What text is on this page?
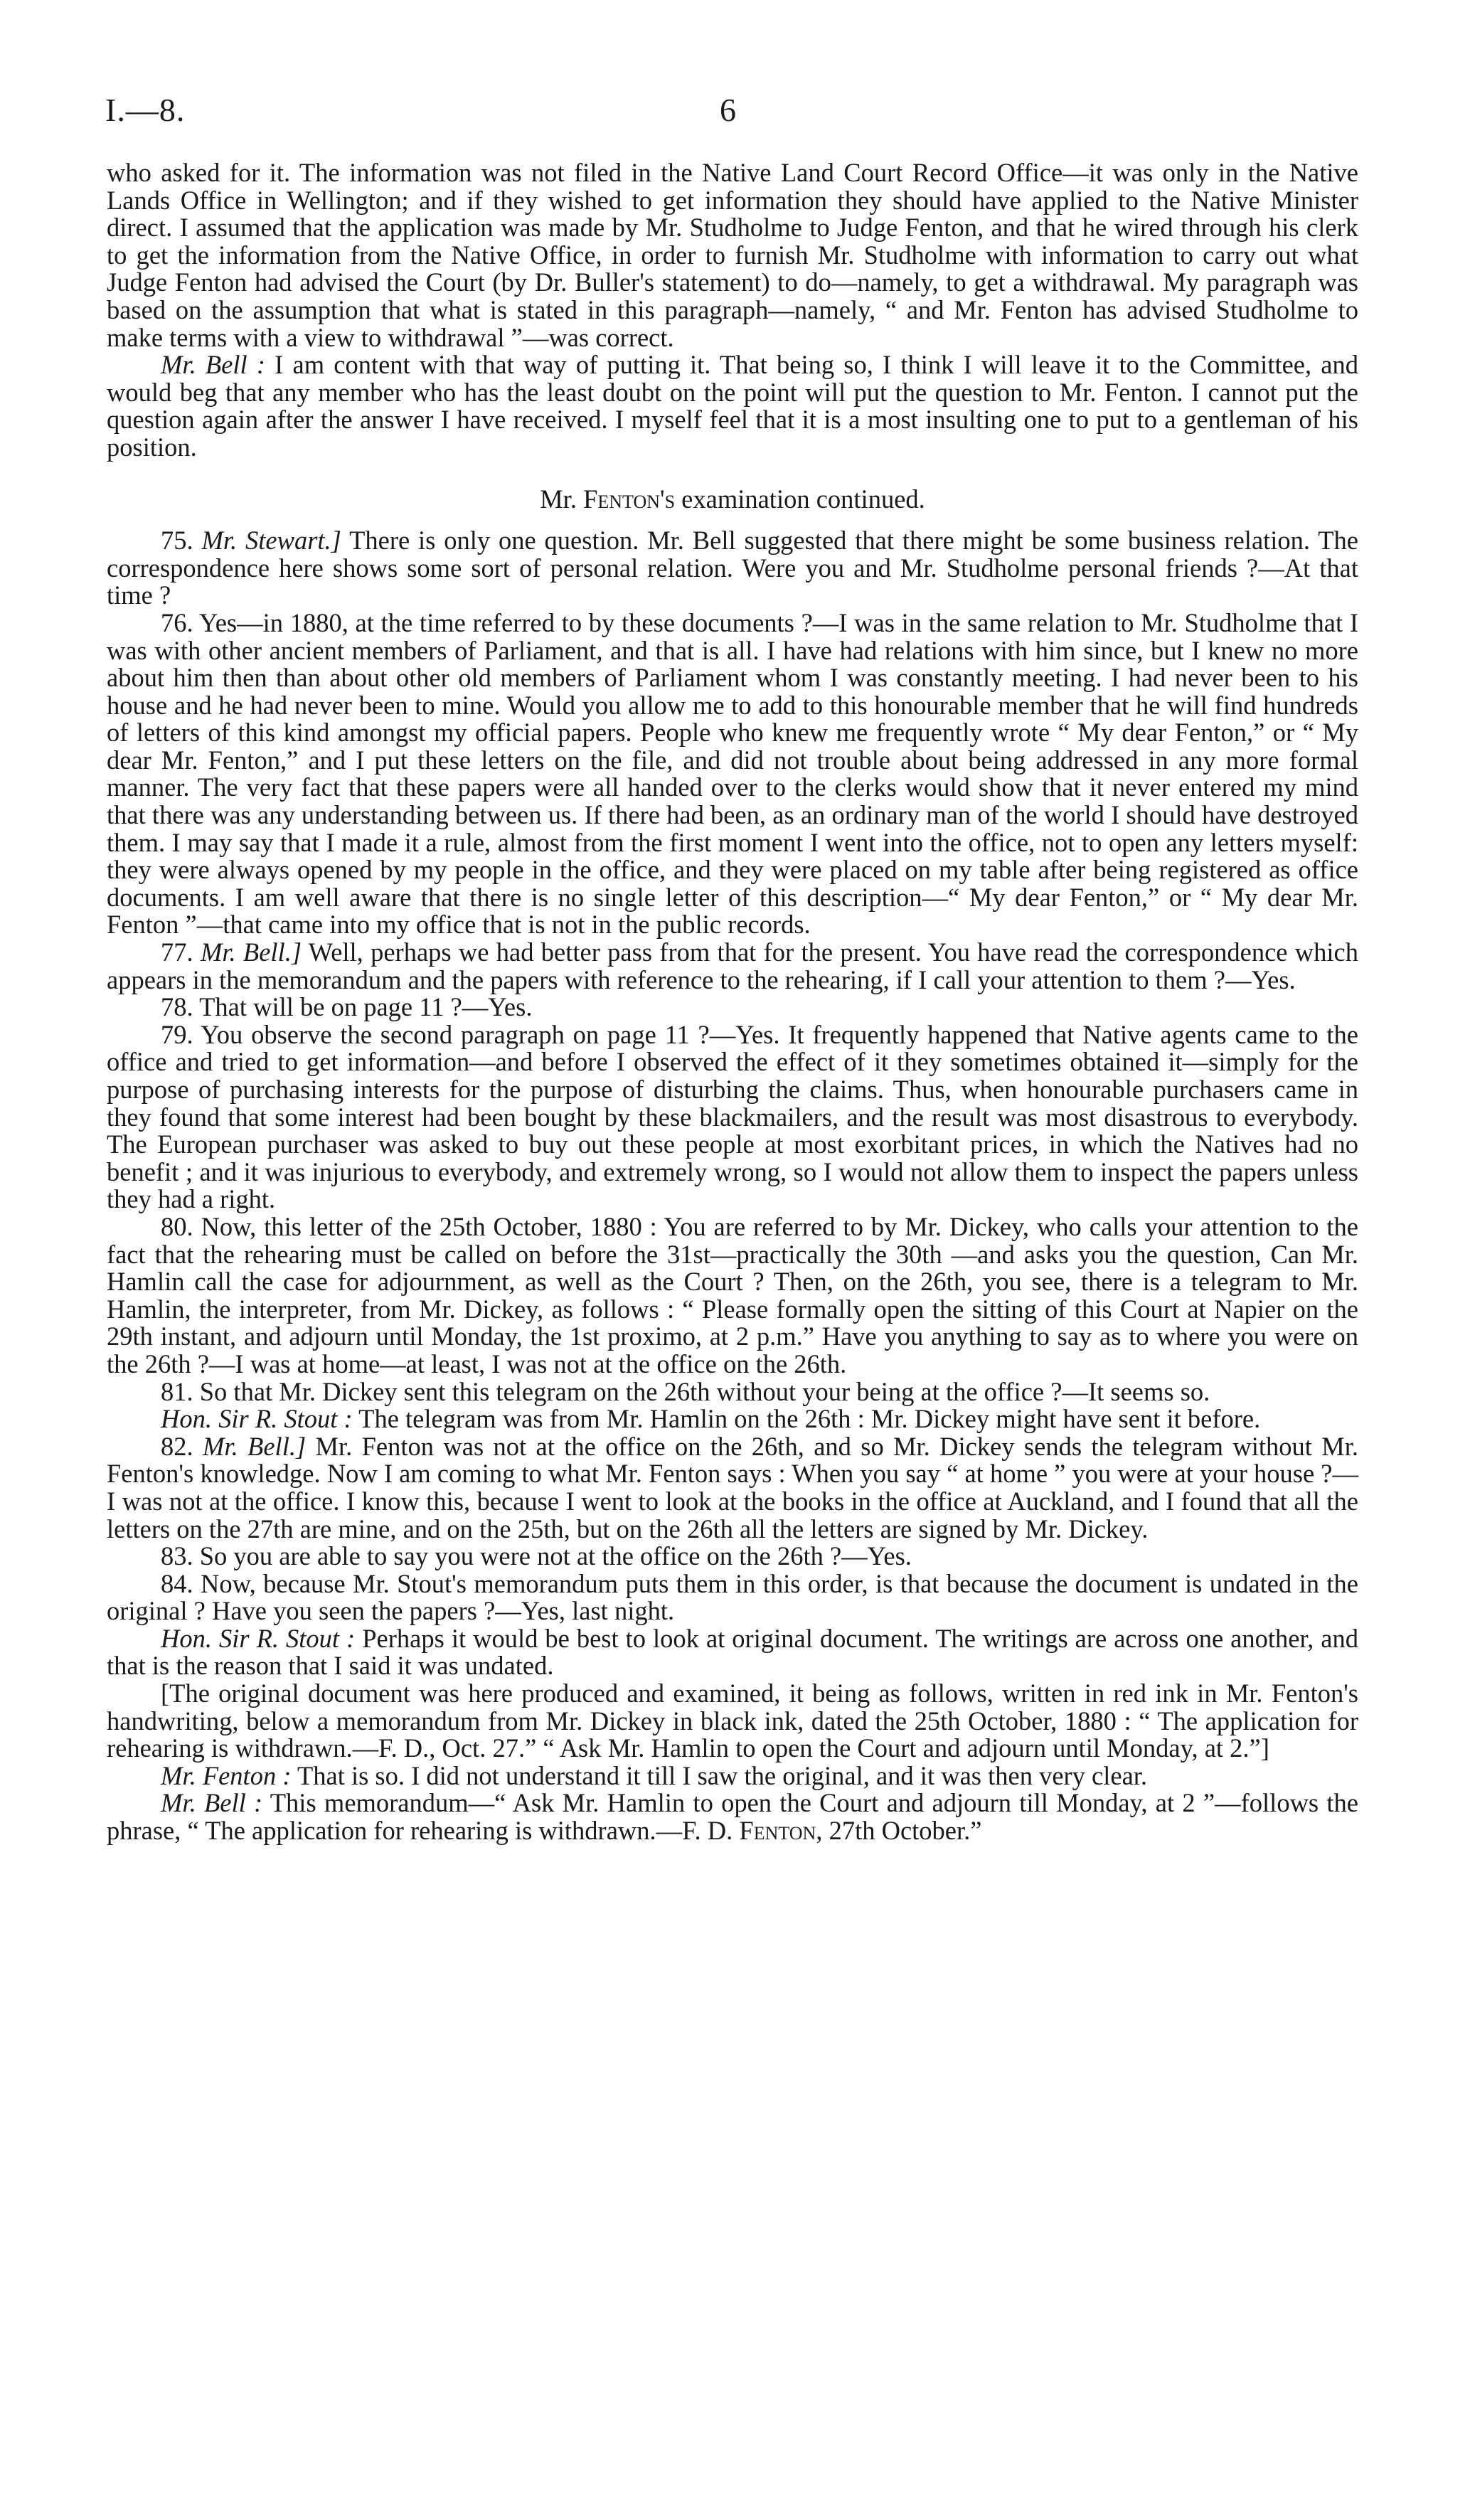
I.—8.	6

who asked for it. The information was not filed in the Native Land Court Record Office—it was only in the Native Lands Office in Wellington; and if they wished to get information they should have applied to the Native Minister direct. I assumed that the application was made by Mr. Studholme to Judge Fenton, and that he wired through his clerk to get the information from the Native Office, in order to furnish Mr. Studholme with information to carry out what Judge Fenton had advised the Court (by Dr. Buller's statement) to do—namely, to get a withdrawal. My paragraph was based on the assumption that what is stated in this paragraph—namely, “ and Mr. Fenton has advised Studholme to make terms with a view to withdrawal ”—was correct.

Mr. Bell : I am content with that way of putting it. That being so, I think I will leave it to the Committee, and would beg that any member who has the least doubt on the point will put the question to Mr. Fenton. I cannot put the question again after the answer I have received. I myself feel that it is a most insulting one to put to a gentleman of his position.

Mr. Fenton's examination continued.

75. Mr. Stewart.] There is only one question. Mr. Bell suggested that there might be some business relation. The correspondence here shows some sort of personal relation. Were you and Mr. Studholme personal friends ?—At that time ?

76. Yes—in 1880, at the time referred to by these documents ?—I was in the same relation to Mr. Studholme that I was with other ancient members of Parliament, and that is all. I have had relations with him since, but I knew no more about him then than about other old members of Parliament whom I was constantly meeting. I had never been to his house and he had never been to mine. Would you allow me to add to this honourable member that he will find hundreds of letters of this kind amongst my official papers. People who knew me frequently wrote “ My dear Fenton,” or “ My dear Mr. Fenton,” and I put these letters on the file, and did not trouble about being addressed in any more formal manner. The very fact that these papers were all handed over to the clerks would show that it never entered my mind that there was any understanding between us. If there had been, as an ordinary man of the world I should have destroyed them. I may say that I made it a rule, almost from the first moment I went into the office, not to open any letters myself: they were always opened by my people in the office, and they were placed on my table after being registered as office documents. I am well aware that there is no single letter of this description—“ My dear Fenton,” or “ My dear Mr. Fenton ”—that came into my office that is not in the public records.

77. Mr. Bell.] Well, perhaps we had better pass from that for the present. You have read the correspondence which appears in the memorandum and the papers with reference to the rehearing, if I call your attention to them ?—Yes.

78. That will be on page 11 ?—Yes.

79. You observe the second paragraph on page 11 ?—Yes. It frequently happened that Native agents came to the office and tried to get information—and before I observed the effect of it they sometimes obtained it—simply for the purpose of purchasing interests for the purpose of disturbing the claims. Thus, when honourable purchasers came in they found that some interest had been bought by these blackmailers, and the result was most disastrous to everybody. The European purchaser was asked to buy out these people at most exorbitant prices, in which the Natives had no benefit ; and it was injurious to everybody, and extremely wrong, so I would not allow them to inspect the papers unless they had a right.

80. Now, this letter of the 25th October, 1880 : You are referred to by Mr. Dickey, who calls your attention to the fact that the rehearing must be called on before the 31st—practically the 30th —and asks you the question, Can Mr. Hamlin call the case for adjournment, as well as the Court ? Then, on the 26th, you see, there is a telegram to Mr. Hamlin, the interpreter, from Mr. Dickey, as follows : “ Please formally open the sitting of this Court at Napier on the 29th instant, and adjourn until Monday, the 1st proximo, at 2 p.m.” Have you anything to say as to where you were on the 26th ?—I was at home—at least, I was not at the office on the 26th.

81. So that Mr. Dickey sent this telegram on the 26th without your being at the office ?—It seems so.

Hon. Sir R. Stout : The telegram was from Mr. Hamlin on the 26th : Mr. Dickey might have sent it before.

82. Mr. Bell.] Mr. Fenton was not at the office on the 26th, and so Mr. Dickey sends the telegram without Mr. Fenton's knowledge. Now I am coming to what Mr. Fenton says : When you say “ at home ” you were at your house ?—I was not at the office. I know this, because I went to look at the books in the office at Auckland, and I found that all the letters on the 27th are mine, and on the 25th, but on the 26th all the letters are signed by Mr. Dickey.

83. So you are able to say you were not at the office on the 26th ?—Yes.

84. Now, because Mr. Stout's memorandum puts them in this order, is that because the document is undated in the original ? Have you seen the papers ?—Yes, last night.

Hon. Sir R. Stout : Perhaps it would be best to look at original document. The writings are across one another, and that is the reason that I said it was undated.

[The original document was here produced and examined, it being as follows, written in red ink in Mr. Fenton's handwriting, below a memorandum from Mr. Dickey in black ink, dated the 25th October, 1880 : “ The application for rehearing is withdrawn.—F. D., Oct. 27.” “ Ask Mr. Hamlin to open the Court and adjourn until Monday, at 2.”]

Mr. Fenton : That is so. I did not understand it till I saw the original, and it was then very clear.

Mr. Bell : This memorandum—“ Ask Mr. Hamlin to open the Court and adjourn till Monday, at 2 ”—follows the phrase, “ The application for rehearing is withdrawn.—F. D. Fenton, 27th October.”
